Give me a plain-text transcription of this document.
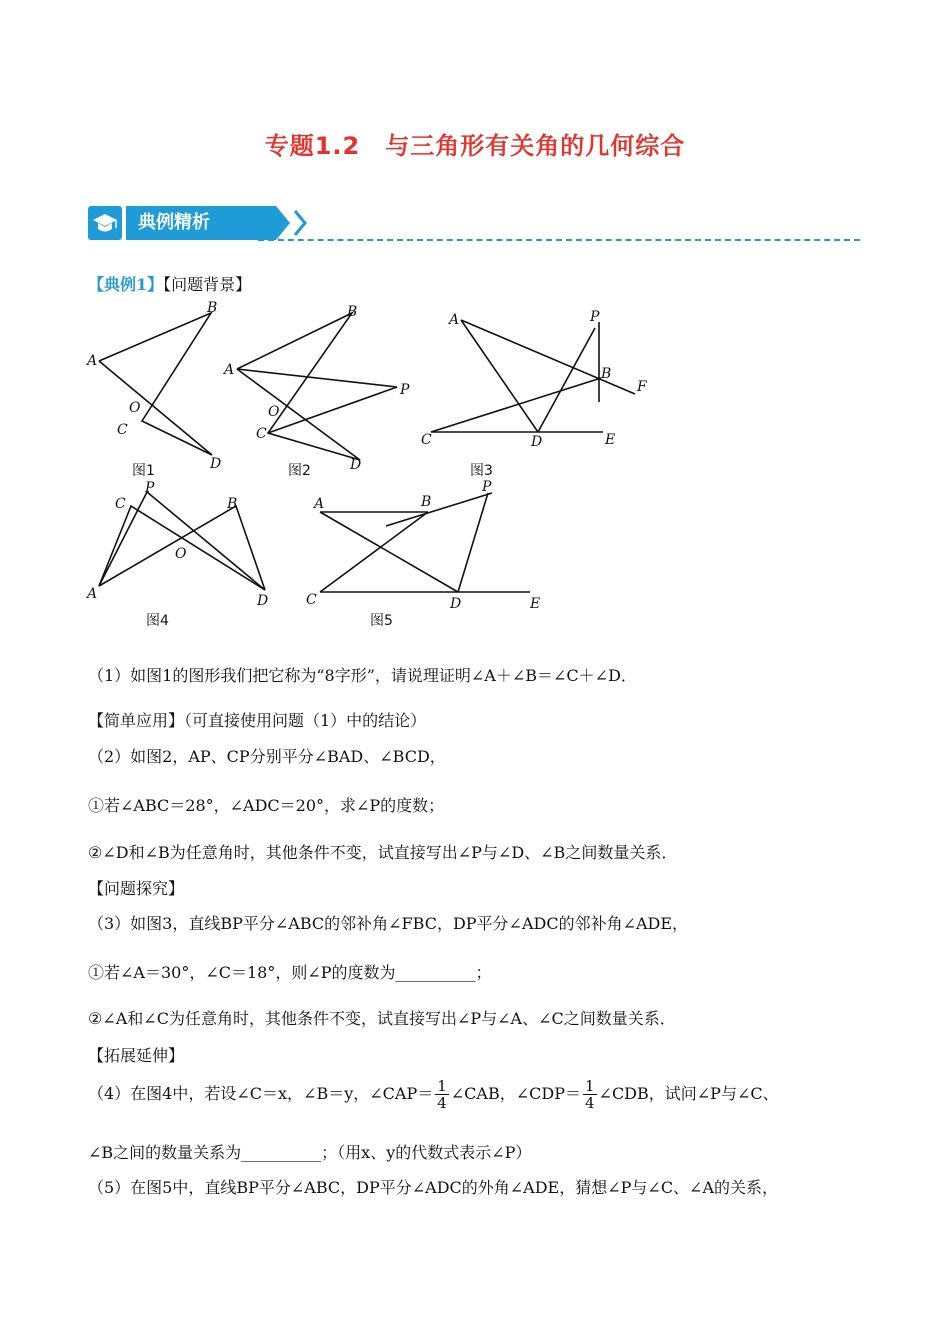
专题1.2　与三角形有关角的几何综合
典例精析
【典例1】【问题背景】
A
B
O
C
D
图1
A
B
P
O
C
D
图2
A	P
B
F
C	D	E
图3
C
P
B
O
A	D
图4
A	B
P
C	D	E
图5
（1）如图1的图形我们把它称为“8字形”，请说理证明∠A＋∠B＝∠C＋∠D．
【简单应用】（可直接使用问题（1）中的结论）
（2）如图2，AP、CP分别平分∠BAD、∠BCD，
①若∠ABC＝28°，∠ADC＝20°，求∠P的度数；
②∠D和∠B为任意角时，其他条件不变，试直接写出∠P与∠D、∠B之间数量关系．
【问题探究】
（3）如图3，直线BP平分∠ABC的邻补角∠FBC，DP平分∠ADC的邻补角∠ADE，
①若∠A＝30°，∠C＝18°，则∠P的度数为__________；
②∠A和∠C为任意角时，其他条件不变，试直接写出∠P与∠A、∠C之间数量关系．
【拓展延伸】
（4）在图4中，若设∠C＝x，∠B＝y，∠CAP＝ $\frac{1}{4}$ ∠CAB，∠CDP＝ $\frac{1}{4}$ ∠CDB，试问∠P与∠C、
∠B之间的数量关系为__________；（用x、y的代数式表示∠P）
（5）在图5中，直线BP平分∠ABC，DP平分∠ADC的外角∠ADE，猜想∠P与∠C、∠A的关系，
